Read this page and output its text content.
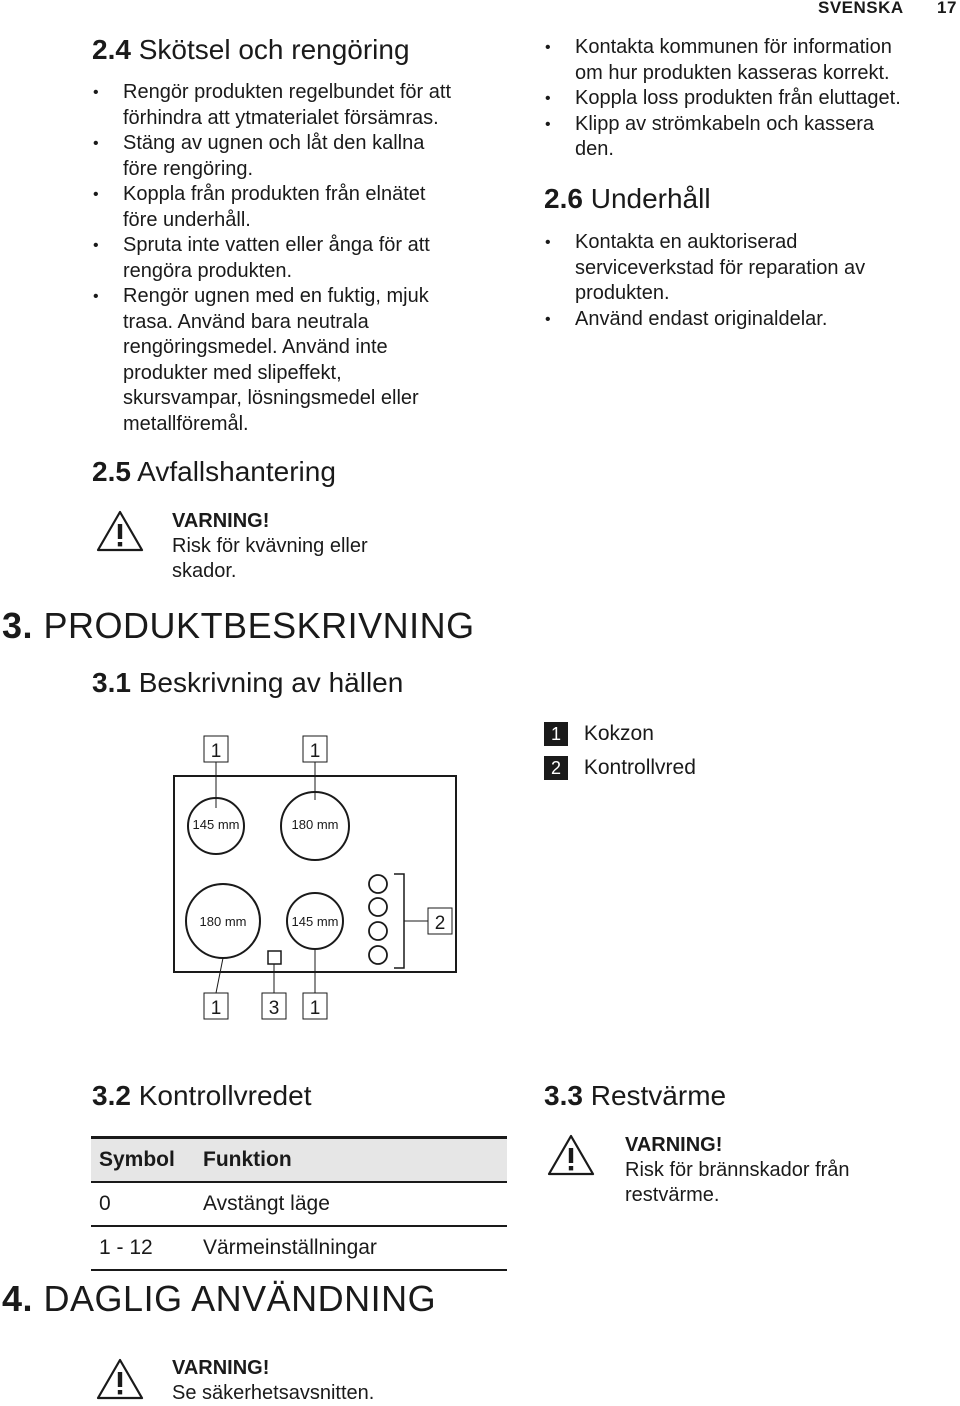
SVENSKA 17
2.4 Skötsel och rengöring
• Rengör produkten regelbundet för att
förhindra att ytmaterialet försämras.
• Stäng av ugnen och låt den kallna
före rengöring.
• Koppla från produkten från elnätet
före underhåll.
• Spruta inte vatten eller ånga för att
rengöra produkten.
• Rengör ugnen med en fuktig, mjuk
trasa. Använd bara neutrala
rengöringsmedel. Använd inte
produkter med slipeffekt,
skursvampar, lösningsmedel eller
metallföremål.
2.5 Avfallshantering
VARNING!
Risk för kvävning eller
skador.
• Kontakta kommunen för information
om hur produkten kasseras korrekt.
• Koppla loss produkten från eluttaget.
• Klipp av strömkabeln och kassera
den.
2.6 Underhåll
• Kontakta en auktoriserad
serviceverkstad för reparation av
produkten.
• Använd endast originaldelar.
3. PRODUKTBESKRIVNING
3.1 Beskrivning av hällen
1	1
145 mm	180 mm
180 mm	145 mm	2
1 3 1
1 Kokzon
2 Kontrollvred
3.2 Kontrollvredet
Symbol	Funktion
0	Avstängt läge
1 - 12	Värmeinställningar
3.3 Restvärme
VARNING!
Risk för brännskador från
restvärme.
4. DAGLIG ANVÄNDNING
VARNING!
Se säkerhetsavsnitten.
